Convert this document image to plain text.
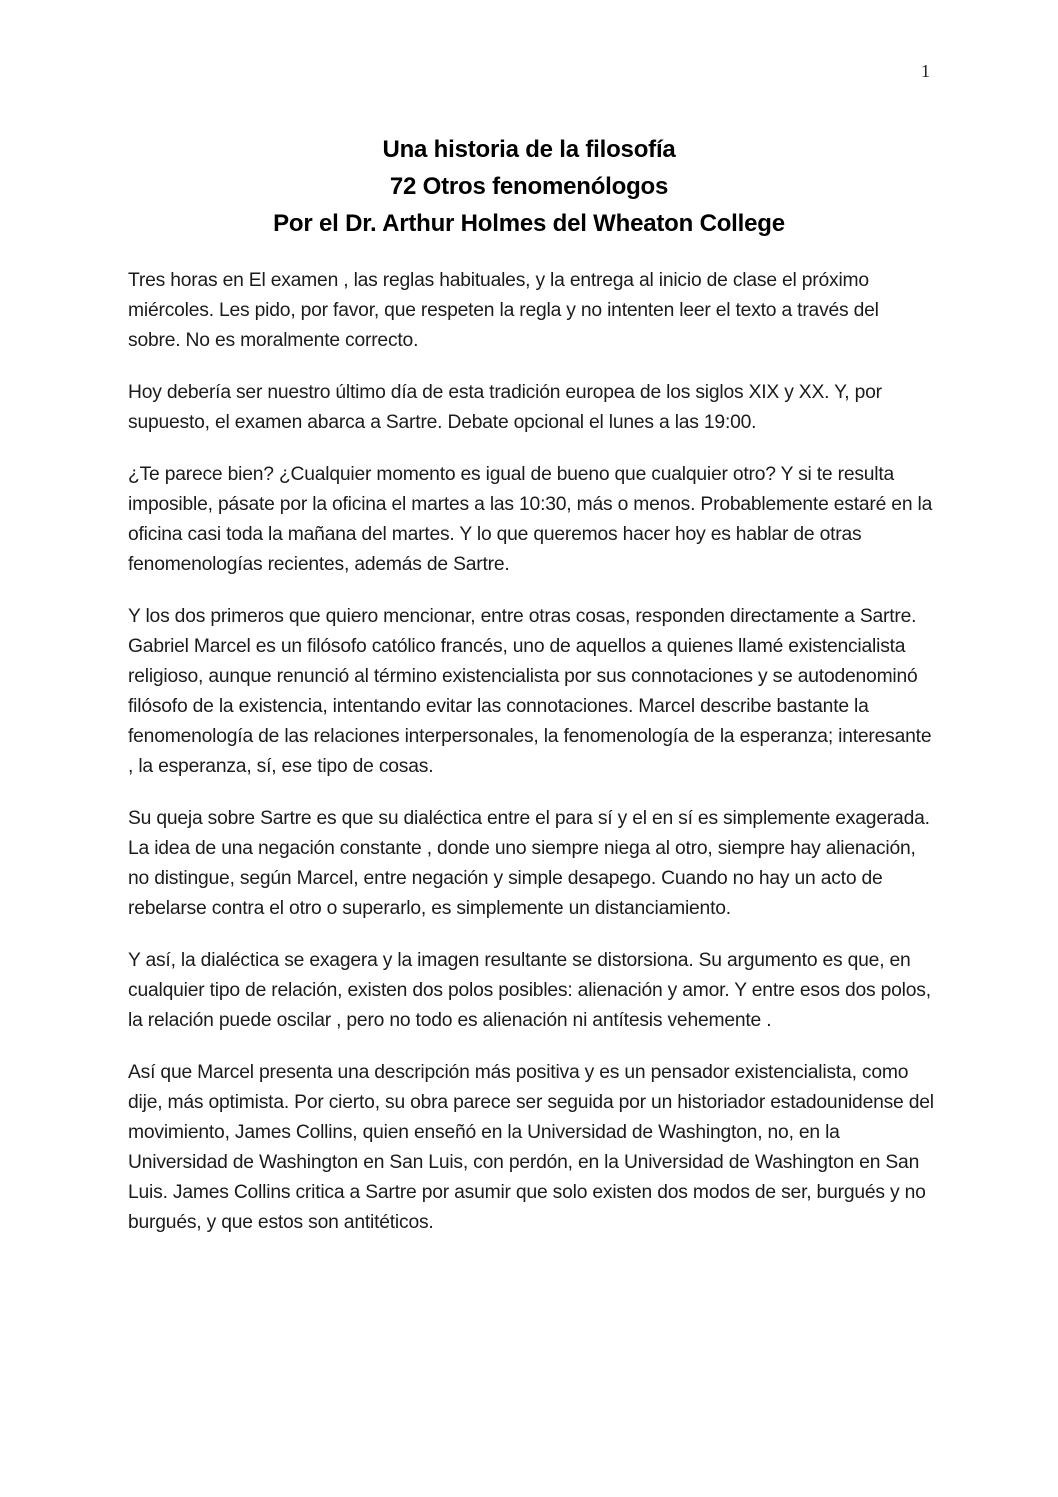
1
Una historia de la filosofía
72 Otros fenomenólogos
Por el Dr. Arthur Holmes del Wheaton College

Tres horas en El examen , las reglas habituales, y la entrega al inicio de clase el próximo miércoles. Les pido, por favor, que respeten la regla y no intenten leer el texto a través del sobre. No es moralmente correcto.

Hoy debería ser nuestro último día de esta tradición europea de los siglos XIX y XX. Y, por supuesto, el examen abarca a Sartre. Debate opcional el lunes a las 19:00.

¿Te parece bien? ¿Cualquier momento es igual de bueno que cualquier otro? Y si te resulta imposible, pásate por la oficina el martes a las 10:30, más o menos. Probablemente estaré en la oficina casi toda la mañana del martes. Y lo que queremos hacer hoy es hablar de otras fenomenologías recientes, además de Sartre.

Y los dos primeros que quiero mencionar, entre otras cosas, responden directamente a Sartre. Gabriel Marcel es un filósofo católico francés, uno de aquellos a quienes llamé existencialista religioso, aunque renunció al término existencialista por sus connotaciones y se autodenominó filósofo de la existencia, intentando evitar las connotaciones. Marcel describe bastante la fenomenología de las relaciones interpersonales, la fenomenología de la esperanza; interesante , la esperanza, sí, ese tipo de cosas.

Su queja sobre Sartre es que su dialéctica entre el para sí y el en sí es simplemente exagerada. La idea de una negación constante , donde uno siempre niega al otro, siempre hay alienación, no distingue, según Marcel, entre negación y simple desapego. Cuando no hay un acto de rebelarse contra el otro o superarlo, es simplemente un distanciamiento.

Y así, la dialéctica se exagera y la imagen resultante se distorsiona. Su argumento es que, en cualquier tipo de relación, existen dos polos posibles: alienación y amor. Y entre esos dos polos, la relación puede oscilar , pero no todo es alienación ni antítesis vehemente .

Así que Marcel presenta una descripción más positiva y es un pensador existencialista, como dije, más optimista. Por cierto, su obra parece ser seguida por un historiador estadounidense del movimiento, James Collins, quien enseñó en la Universidad de Washington, no, en la Universidad de Washington en San Luis, con perdón, en la Universidad de Washington en San Luis. James Collins critica a Sartre por asumir que solo existen dos modos de ser, burgués y no burgués, y que estos son antitéticos.
